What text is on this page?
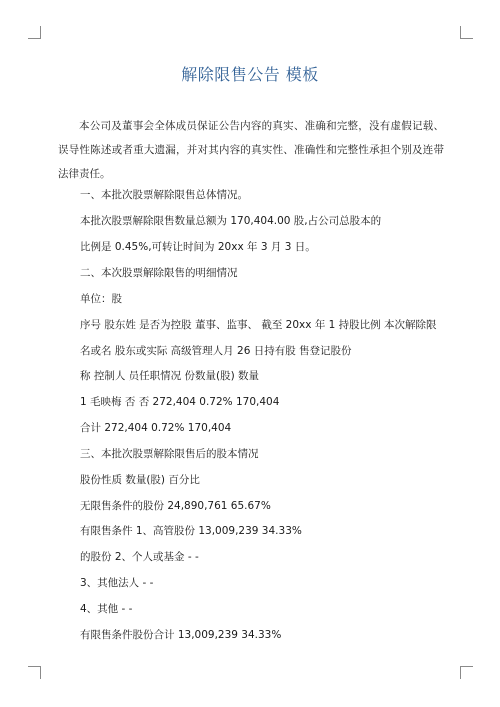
解除限售公告 模板

本公司及董事会全体成员保证公告内容的真实、准确和完整，没有虚假记载、误导性陈述或者重大遗漏，并对其内容的真实性、准确性和完整性承担个别及连带法律责任。

一、本批次股票解除限售总体情况。
本批次股票解除限售数量总额为 170,404.00 股,占公司总股本的
比例是 0.45%,可转让时间为 20xx 年 3 月 3 日。
二、本次股票解除限售的明细情况
单位：股
序号 股东姓 是否为控股 董事、监事、 截至 20xx 年 1 持股比例 本次解除限
名或名 股东或实际 高级管理人月 26 日持有股 售登记股份
称 控制人 员任职情况 份数量(股) 数量
1 毛映梅 否 否 272,404 0.72% 170,404
合计 272,404 0.72% 170,404
三、本批次股票解除限售后的股本情况
股份性质 数量(股) 百分比
无限售条件的股份 24,890,761 65.67%
有限售条件 1、高管股份 13,009,239 34.33%
的股份 2、个人或基金 - -
3、其他法人 - -
4、其他 - -
有限售条件股份合计 13,009,239 34.33%
